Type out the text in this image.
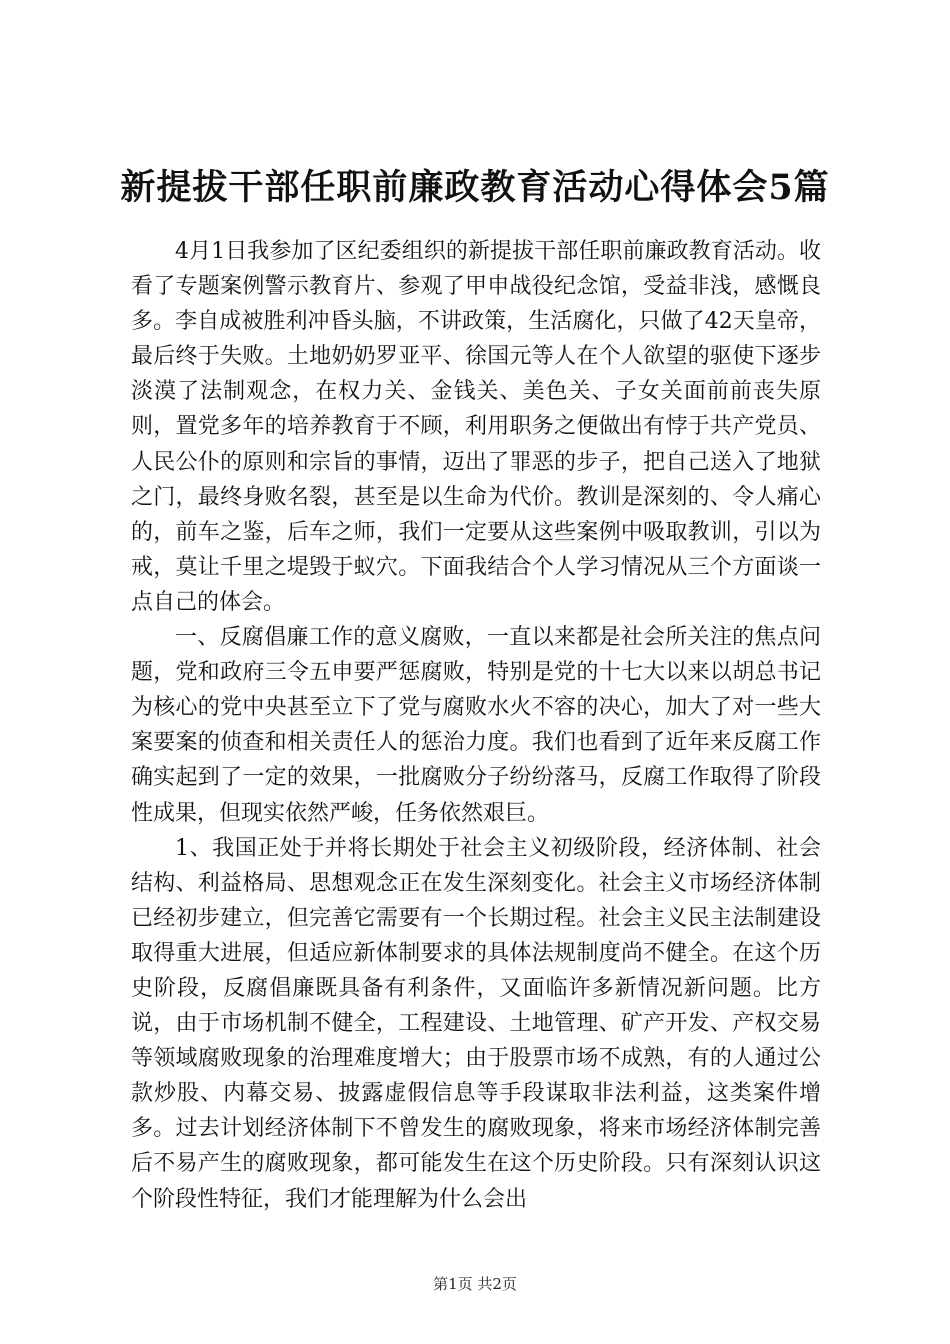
新提拔干部任职前廉政教育活动心得体会5篇

4月1日我参加了区纪委组织的新提拔干部任职前廉政教育活动。收看了专题案例警示教育片、参观了甲申战役纪念馆，受益非浅，感慨良多。李自成被胜利冲昏头脑，不讲政策，生活腐化，只做了42天皇帝，最后终于失败。土地奶奶罗亚平、徐国元等人在个人欲望的驱使下逐步淡漠了法制观念，在权力关、金钱关、美色关、子女关面前前丧失原则，置党多年的培养教育于不顾，利用职务之便做出有悖于共产党员、人民公仆的原则和宗旨的事情，迈出了罪恶的步子，把自己送入了地狱之门，最终身败名裂，甚至是以生命为代价。教训是深刻的、令人痛心的，前车之鉴，后车之师，我们一定要从这些案例中吸取教训，引以为戒，莫让千里之堤毁于蚁穴。下面我结合个人学习情况从三个方面谈一点自己的体会。

一、反腐倡廉工作的意义腐败，一直以来都是社会所关注的焦点问题，党和政府三令五申要严惩腐败，特别是党的十七大以来以胡总书记为核心的党中央甚至立下了党与腐败水火不容的决心，加大了对一些大案要案的侦查和相关责任人的惩治力度。我们也看到了近年来反腐工作确实起到了一定的效果，一批腐败分子纷纷落马，反腐工作取得了阶段性成果，但现实依然严峻，任务依然艰巨。

1、我国正处于并将长期处于社会主义初级阶段，经济体制、社会结构、利益格局、思想观念正在发生深刻变化。社会主义市场经济体制已经初步建立，但完善它需要有一个长期过程。社会主义民主法制建设取得重大进展，但适应新体制要求的具体法规制度尚不健全。在这个历史阶段，反腐倡廉既具备有利条件，又面临许多新情况新问题。比方说，由于市场机制不健全，工程建设、土地管理、矿产开发、产权交易等领域腐败现象的治理难度增大；由于股票市场不成熟，有的人通过公款炒股、内幕交易、披露虚假信息等手段谋取非法利益，这类案件增多。过去计划经济体制下不曾发生的腐败现象，将来市场经济体制完善后不易产生的腐败现象，都可能发生在这个历史阶段。只有深刻认识这个阶段性特征，我们才能理解为什么会出

第1页 共2页
